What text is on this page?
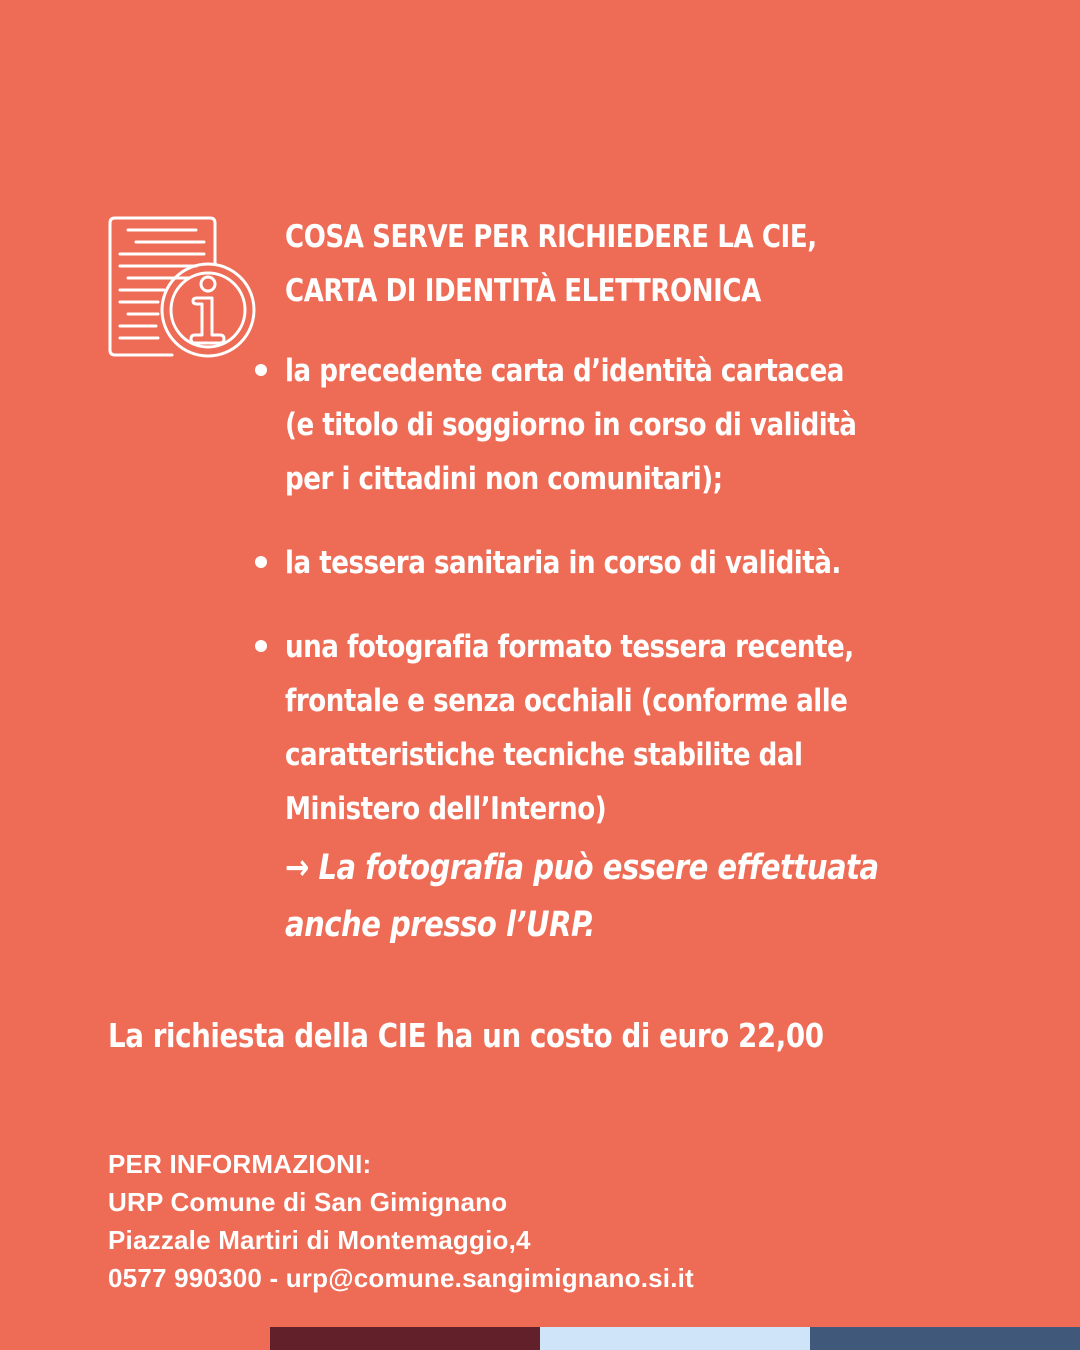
COSA SERVE PER RICHIEDERE LA CIE,
CARTA DI IDENTITÀ ELETTRONICA
la precedente carta d’identità cartacea
(e titolo di soggiorno in corso di validità
per i cittadini non comunitari);
la tessera sanitaria in corso di validità.
una fotografia formato tessera recente,
frontale e senza occhiali (conforme alle
caratteristiche tecniche stabilite dal
Ministero dell’Interno)
→ La fotografia può essere effettuata
anche presso l’URP.

La richiesta della CIE ha un costo di euro 22,00

PER INFORMAZIONI:
URP Comune di San Gimignano
Piazzale Martiri di Montemaggio,4
0577 990300 - urp@comune.sangimignano.si.it
